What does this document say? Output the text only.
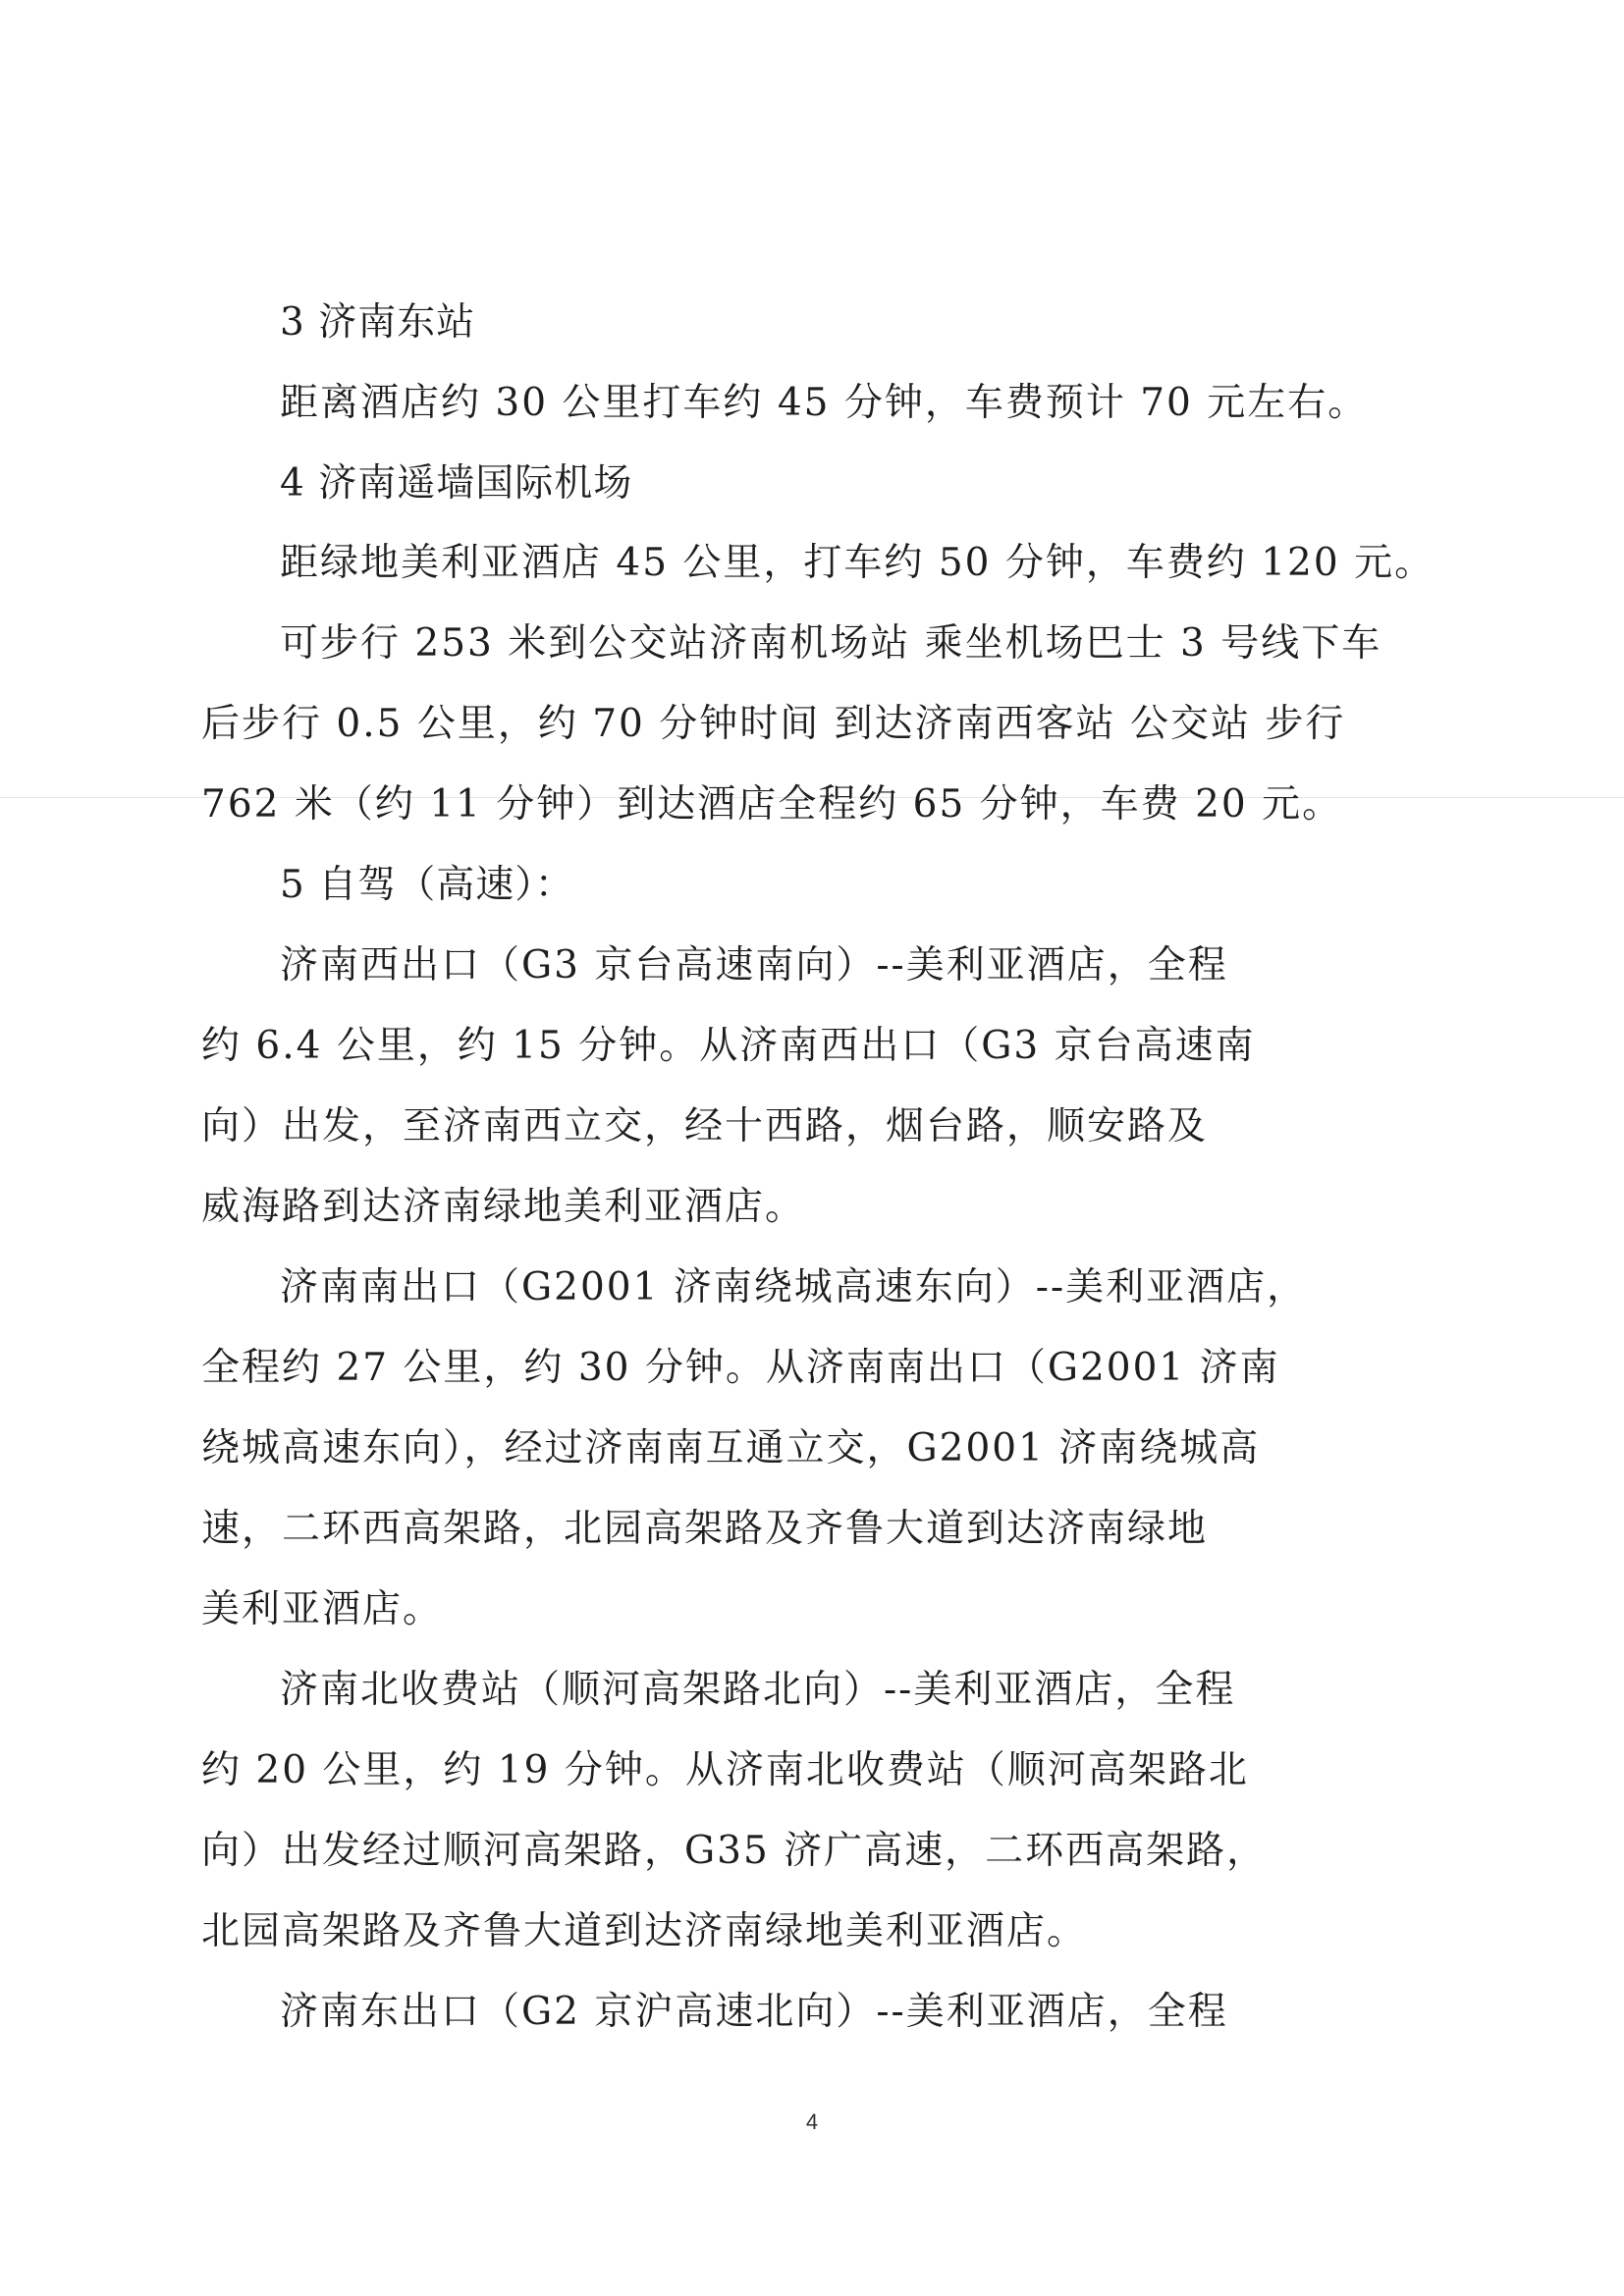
3 济南东站
距离酒店约 30 公里打车约 45 分钟，车费预计 70 元左右。
4 济南遥墙国际机场
距绿地美利亚酒店 45 公里，打车约 50 分钟，车费约 120 元。
可步行 253 米到公交站济南机场站 乘坐机场巴士 3 号线下车
后步行 0.5 公里，约 70 分钟时间 到达济南西客站 公交站 步行
762 米（约 11 分钟）到达酒店全程约 65 分钟，车费 20 元。
5 自驾（高速）：
济南西出口（G3 京台高速南向）--美利亚酒店，全程
约 6.4 公里，约 15 分钟。从济南西出口（G3 京台高速南
向）出发，至济南西立交，经十西路，烟台路，顺安路及
威海路到达济南绿地美利亚酒店。
济南南出口（G2001 济南绕城高速东向）--美利亚酒店，
全程约 27 公里，约 30 分钟。从济南南出口（G2001 济南
绕城高速东向），经过济南南互通立交，G2001 济南绕城高
速，二环西高架路，北园高架路及齐鲁大道到达济南绿地
美利亚酒店。
济南北收费站（顺河高架路北向）--美利亚酒店，全程
约 20 公里，约 19 分钟。从济南北收费站（顺河高架路北
向）出发经过顺河高架路，G35 济广高速，二环西高架路，
北园高架路及齐鲁大道到达济南绿地美利亚酒店。
济南东出口（G2 京沪高速北向）--美利亚酒店，全程
4
